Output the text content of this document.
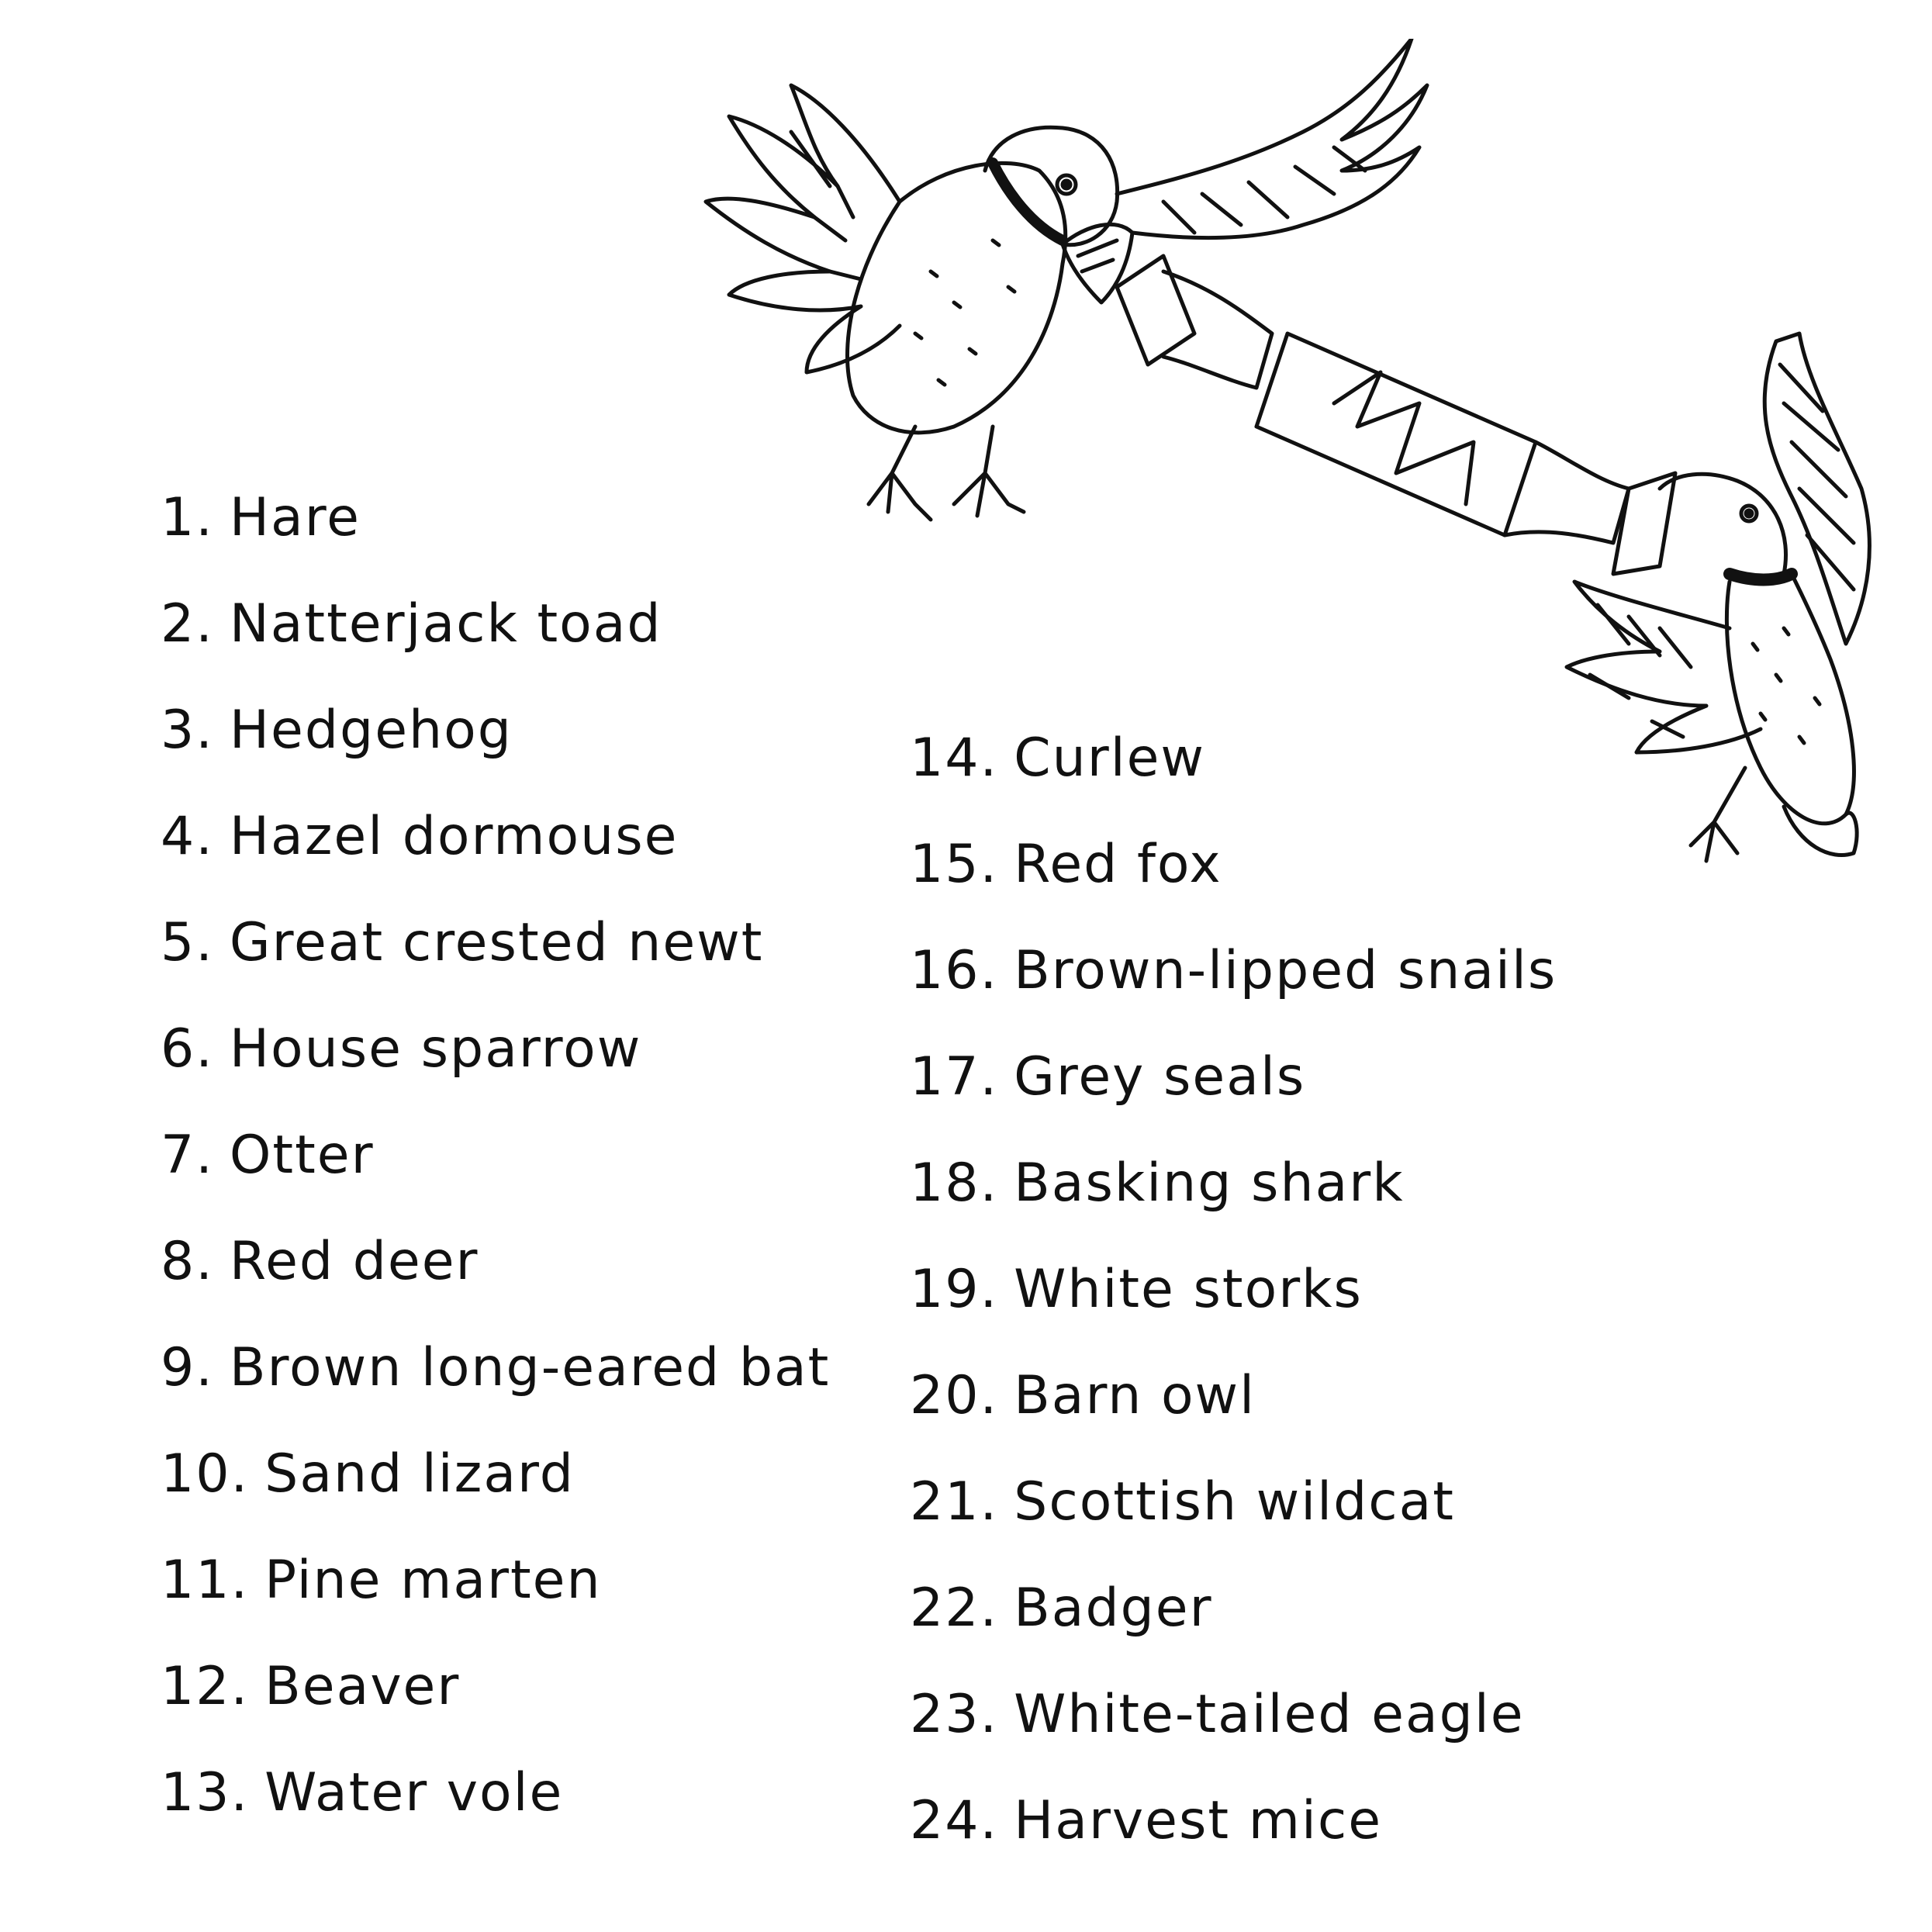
1. Hare
2. Natterjack toad
3. Hedgehog
4. Hazel dormouse
5. Great crested newt
6. House sparrow
7. Otter
8. Red deer
9. Brown long-eared bat
10. Sand lizard
11. Pine marten
12. Beaver
13. Water vole
14. Curlew
15. Red fox
16. Brown-lipped snails
17. Grey seals
18. Basking shark
19. White storks
20. Barn owl
21. Scottish wildcat
22. Badger
23. White-tailed eagle
24. Harvest mice
